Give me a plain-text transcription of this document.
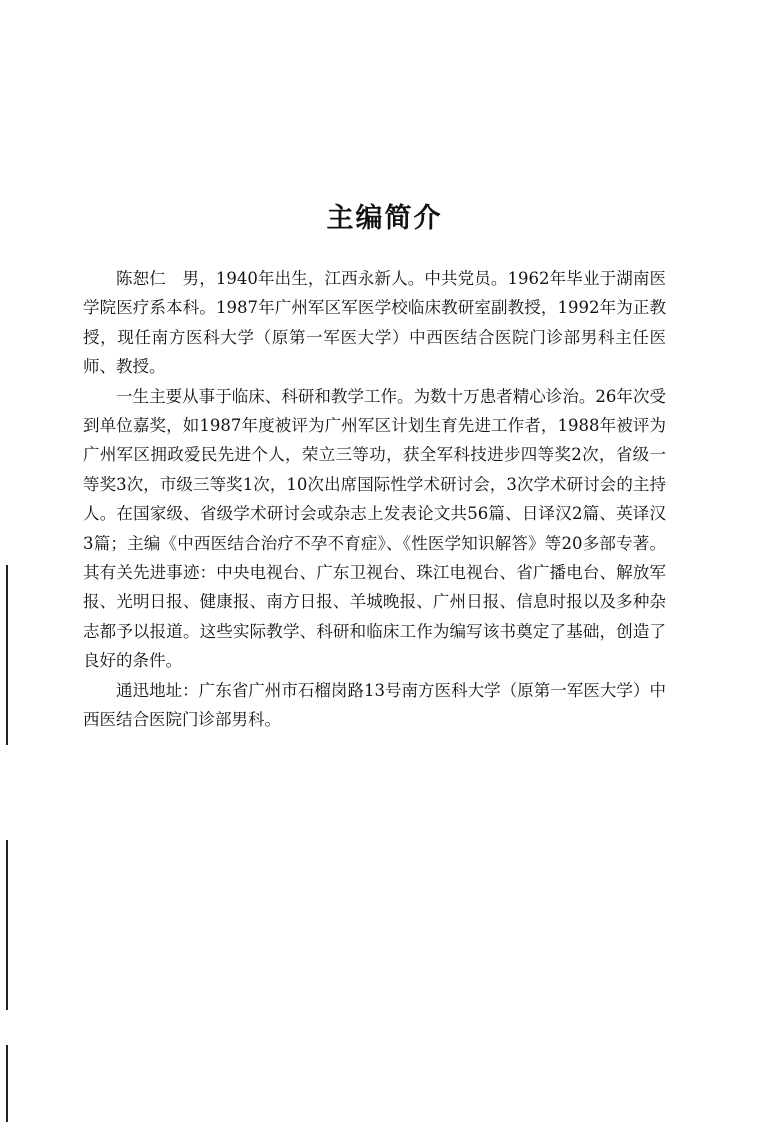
主编简介

陈恕仁　男，1940年出生，江西永新人。中共党员。1962年毕业于湖南医学院医疗系本科。1987年广州军区军医学校临床教研室副教授，1992年为正教授，现任南方医科大学（原第一军医大学）中西医结合医院门诊部男科主任医师、教授。

一生主要从事于临床、科研和教学工作。为数十万患者精心诊治。26年次受到单位嘉奖，如1987年度被评为广州军区计划生育先进工作者，1988年被评为广州军区拥政爱民先进个人，荣立三等功，获全军科技进步四等奖2次，省级一等奖3次，市级三等奖1次，10次出席国际性学术研讨会，3次学术研讨会的主持人。在国家级、省级学术研讨会或杂志上发表论文共56篇、日译汉2篇、英译汉3篇；主编《中西医结合治疗不孕不育症》、《性医学知识解答》等20多部专著。其有关先进事迹：中央电视台、广东卫视台、珠江电视台、省广播电台、解放军报、光明日报、健康报、南方日报、羊城晚报、广州日报、信息时报以及多种杂志都予以报道。这些实际教学、科研和临床工作为编写该书奠定了基础，创造了良好的条件。

通迅地址：广东省广州市石榴岗路13号南方医科大学（原第一军医大学）中西医结合医院门诊部男科。
